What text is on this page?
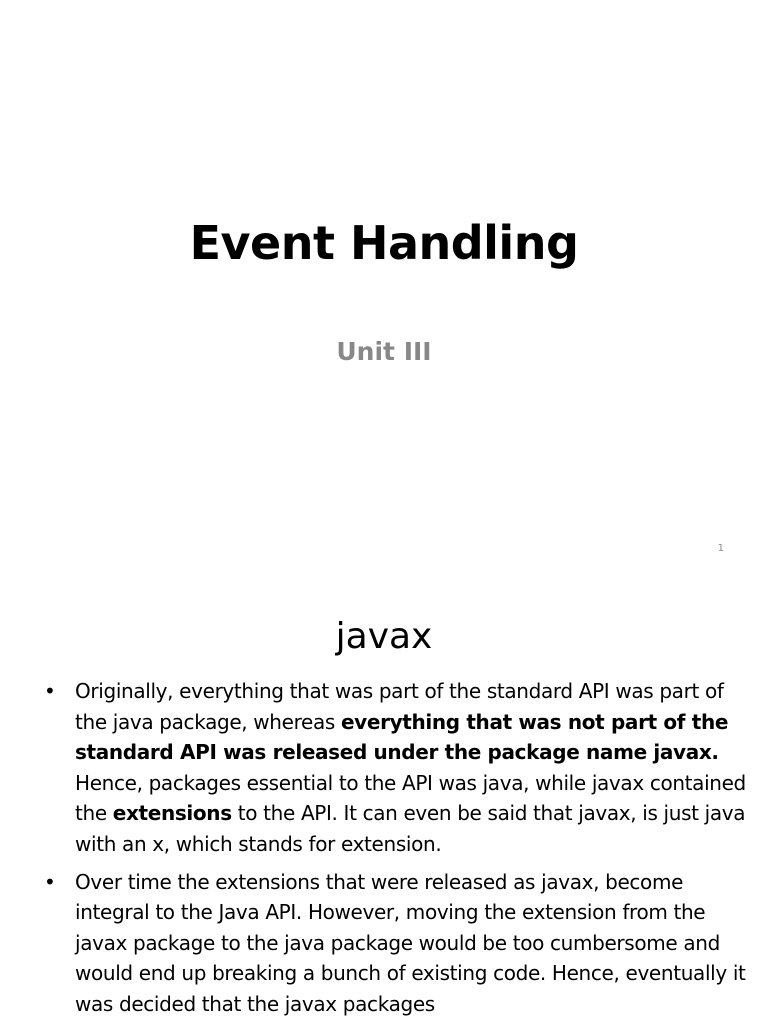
Event Handling
Unit III
1
javax
• Originally, everything that was part of the standard API was part of the java package, whereas everything that was not part of the standard API was released under the package name javax. Hence, packages essential to the API was java, while javax contained the extensions to the API. It can even be said that javax, is just java with an x, which stands for extension.
• Over time the extensions that were released as javax, become integral to the Java API. However, moving the extension from the javax package to the java package would be too cumbersome and would end up breaking a bunch of existing code. Hence, eventually it was decided that the javax packages
